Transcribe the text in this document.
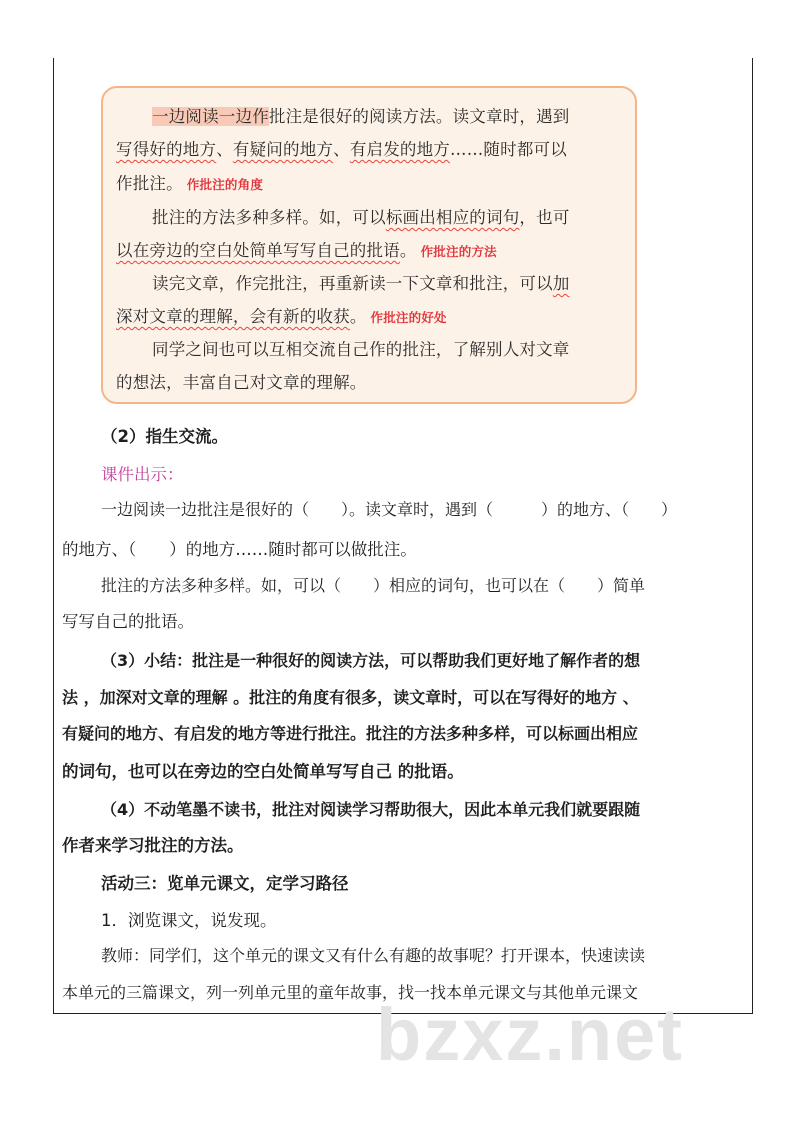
一边阅读一边作批注是很好的阅读方法。读文章时，遇到
写得好的地方、有疑问的地方、有启发的地方……随时都可以
作批注。 作批注的角度
批注的方法多种多样。如，可以标画出相应的词句，也可
以在旁边的空白处简单写写自己的批语。 作批注的方法
读完文章，作完批注，再重新读一下文章和批注，可以加
深对文章的理解，会有新的收获。 作批注的好处
同学之间也可以互相交流自己作的批注，了解别人对文章
的想法，丰富自己对文章的理解。
（2）指生交流。
课件出示：
一边阅读一边批注是很好的（　　）。读文章时，遇到（　　　）的地方、（　　）
的地方、（　　）的地方……随时都可以做批注。
批注的方法多种多样。如，可以（　　）相应的词句，也可以在（　　）简单
写写自己的批语。
（3）小结：批注是一种很好的阅读方法，可以帮助我们更好地了解作者的想
法 ，加深对文章的理解 。批注的角度有很多，读文章时，可以在写得好的地方 、
有疑问的地方、有启发的地方等进行批注。批注的方法多种多样，可以标画出相应
的词句，也可以在旁边的空白处简单写写自己 的批语。
（4）不动笔墨不读书，批注对阅读学习帮助很大，因此本单元我们就要跟随
作者来学习批注的方法。
活动三：览单元课文，定学习路径
1．浏览课文，说发现。
教师：同学们，这个单元的课文又有什么有趣的故事呢？打开课本，快速读读
本单元的三篇课文，列一列单元里的童年故事，找一找本单元课文与其他单元课文
bzxz.net
